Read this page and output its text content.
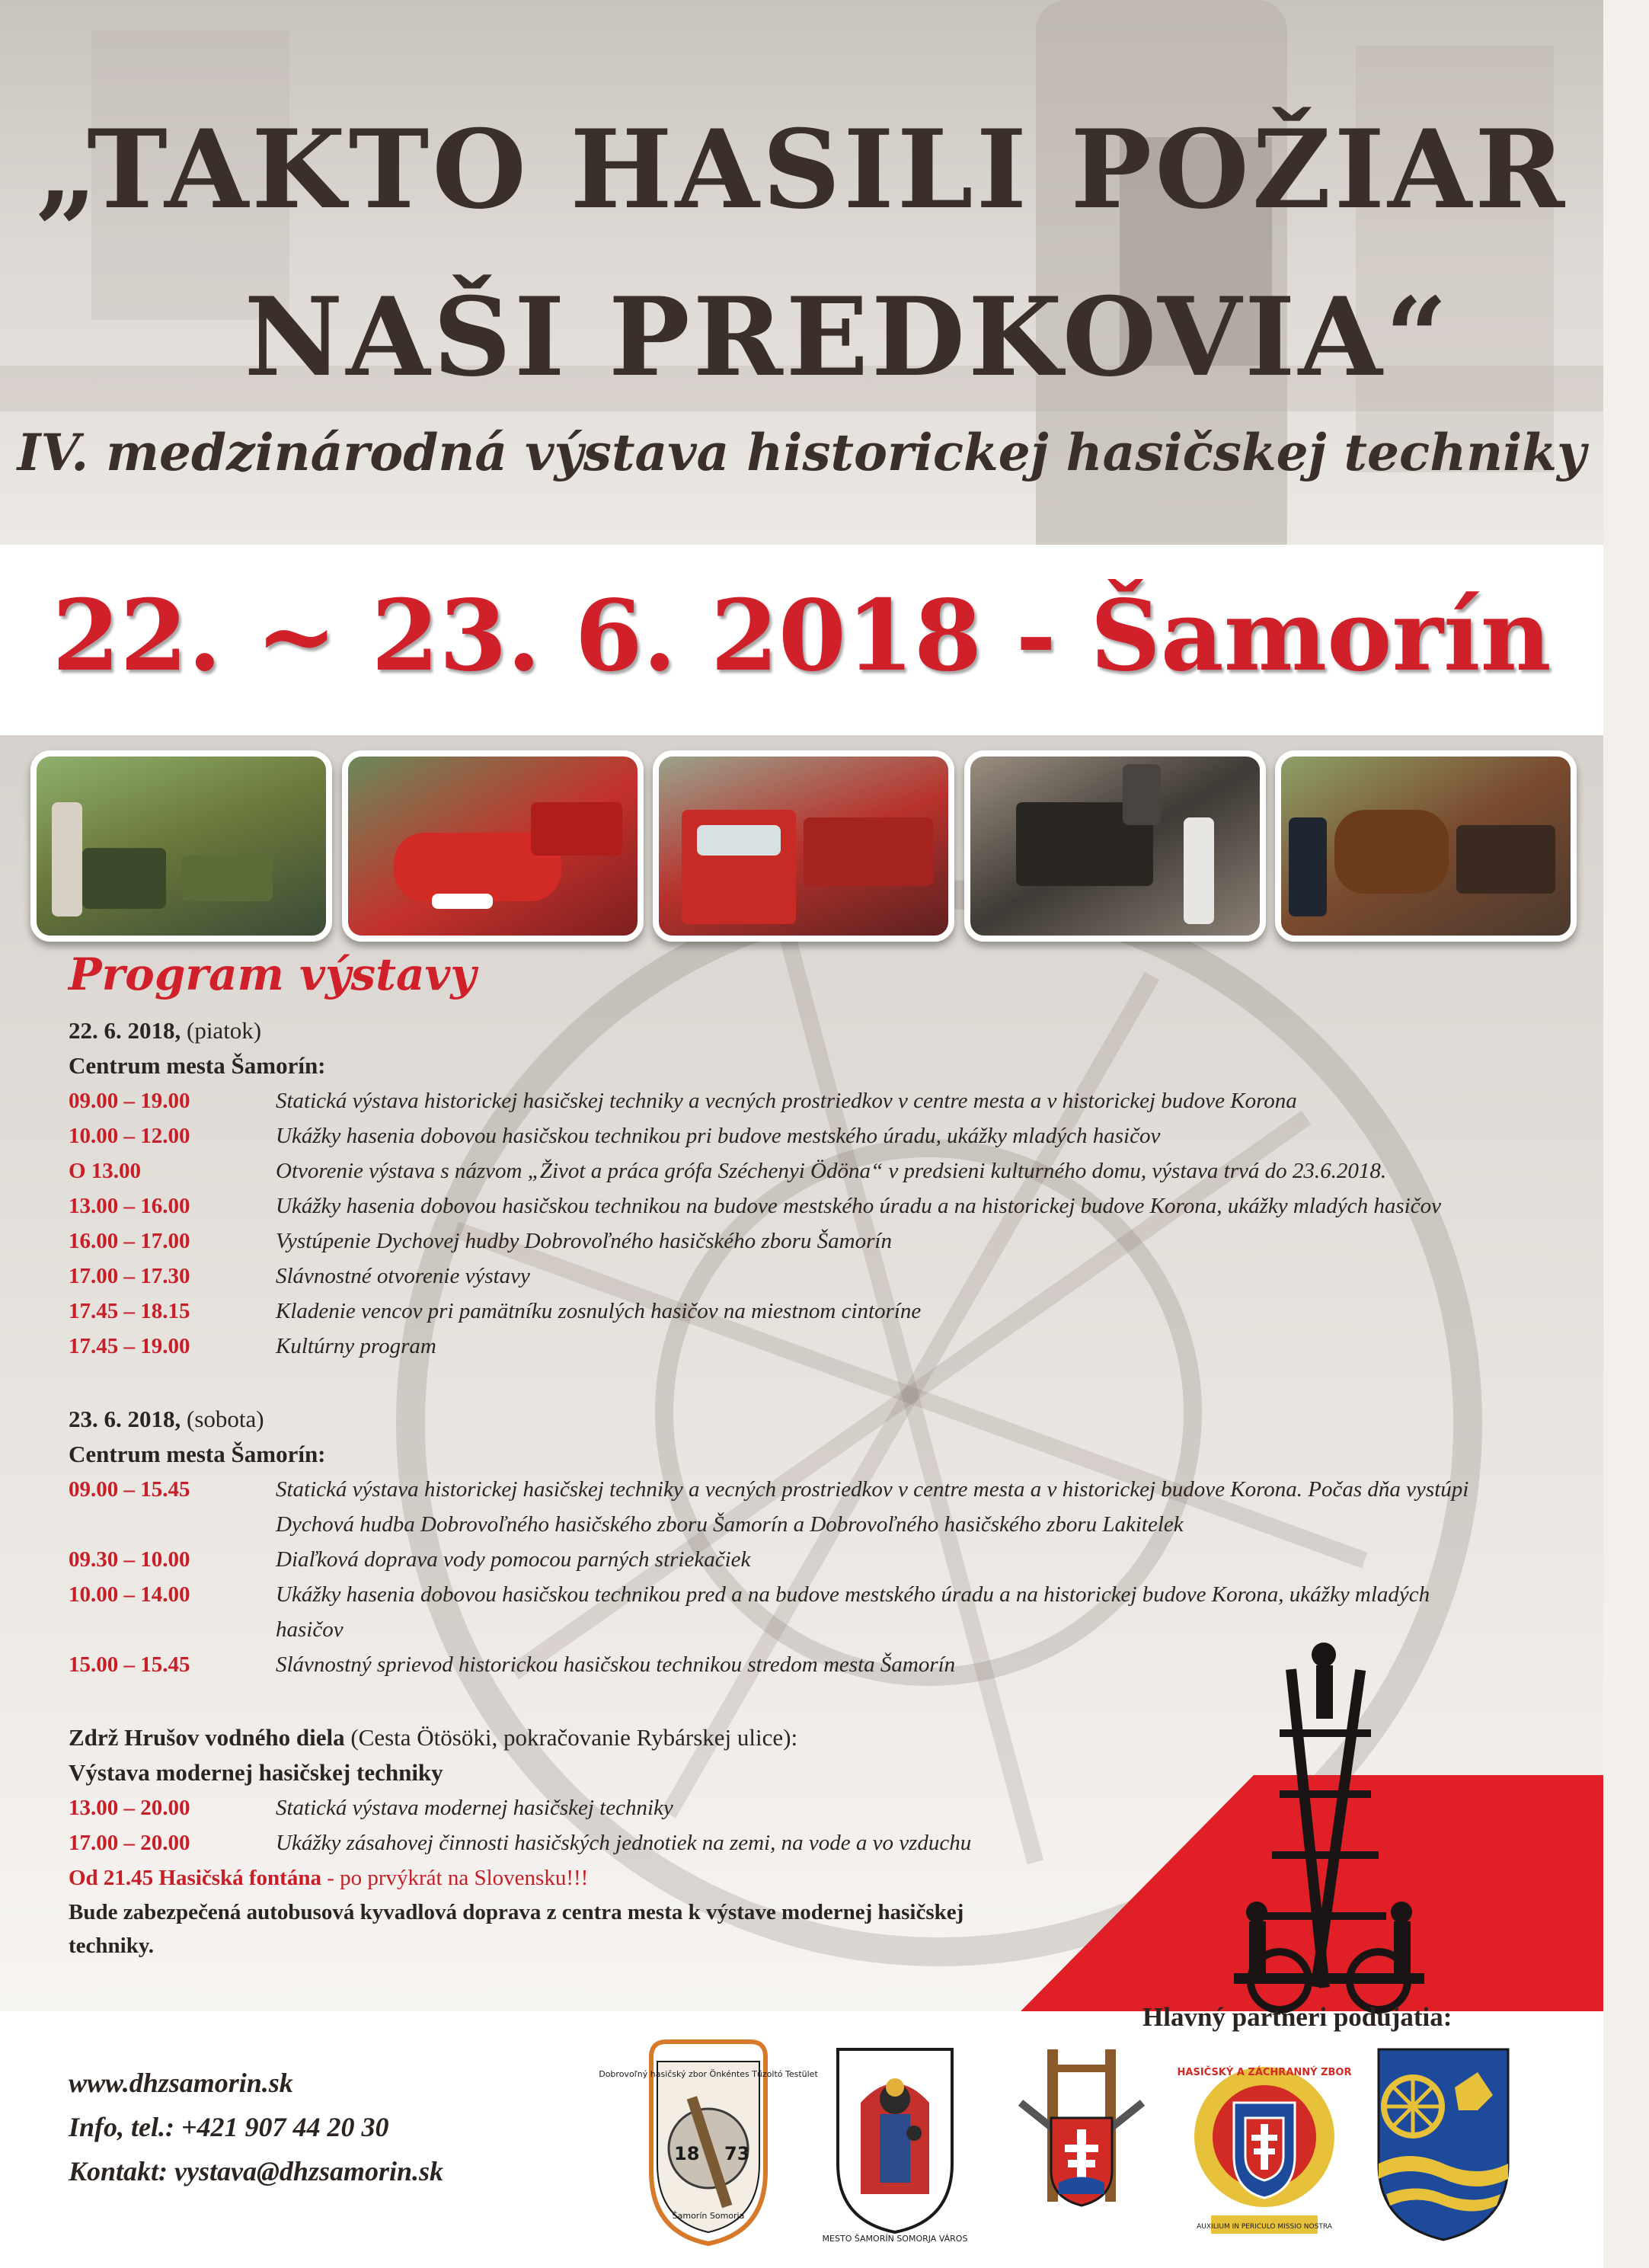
„TAKTO HASILI POŽIAR
NAŠI PREDKOVIA“
IV. medzinárodná výstava historickej hasičskej techniky
22. ~ 23. 6. 2018 - Šamorín
Program výstavy
22. 6. 2018, (piatok)
Centrum mesta Šamorín:
09.00 – 19.00	Statická výstava historickej hasičskej techniky a vecných prostriedkov v centre mesta a v historickej budove Korona
10.00 – 12.00	Ukážky hasenia dobovou hasičskou technikou pri budove mestského úradu, ukážky mladých hasičov
O 13.00	Otvorenie výstava s názvom „Život a práca grófa Széchenyi Ödöna“ v predsieni kulturného domu, výstava trvá do 23.6.2018.
13.00 – 16.00	Ukážky hasenia dobovou hasičskou technikou na budove mestského úradu a na historickej budove Korona, ukážky mladých hasičov
16.00 – 17.00	Vystúpenie Dychovej hudby Dobrovoľného hasičského zboru Šamorín
17.00 – 17.30	Slávnostné otvorenie výstavy
17.45 – 18.15	Kladenie vencov pri pamätníku zosnulých hasičov na miestnom cintoríne
17.45 – 19.00	Kultúrny program
23. 6. 2018, (sobota)
Centrum mesta Šamorín:
09.00 – 15.45	Statická výstava historickej hasičskej techniky a vecných prostriedkov v centre mesta a v historickej budove Korona. Počas dňa vystúpi Dychová hudba Dobrovoľného hasičského zboru Šamorín a Dobrovoľného hasičského zboru Lakitelek
09.30 – 10.00	Diaľková doprava vody pomocou parných striekačiek
10.00 – 14.00	Ukážky hasenia dobovou hasičskou technikou pred a na budove mestského úradu a na historickej budove Korona, ukážky mladých hasičov
15.00 – 15.45	Slávnostný sprievod historickou hasičskou technikou stredom mesta Šamorín
Zdrž Hrušov vodného diela (Cesta Ötösöki, pokračovanie Rybárskej ulice):
Výstava modernej hasičskej techniky
13.00 – 20.00	Statická výstava modernej hasičskej techniky
17.00 – 20.00	Ukážky zásahovej činnosti hasičských jednotiek na zemi, na vode a vo vzduchu
Od 21.45 Hasičská fontána - po prvýkrát na Slovensku!!!
Bude zabezpečená autobusová kyvadlová doprava z centra mesta k výstave modernej hasičskej techniky.
Hlavný partneri podujatia:
www.dhzsamorin.sk
Info, tel.: +421 907 44 20 30
Kontakt: vystava@dhzsamorin.sk
Dobrovoľný hasičský zbor Önkéntes Tűzoltó Testület
18 73
Šamorín Somorja
MESTO ŠAMORÍN SOMORJA VÁROS
HASIČSKÝ A ZÁCHRANNÝ ZBOR
AUXILIUM IN PERICULO MISSIO NOSTRA
